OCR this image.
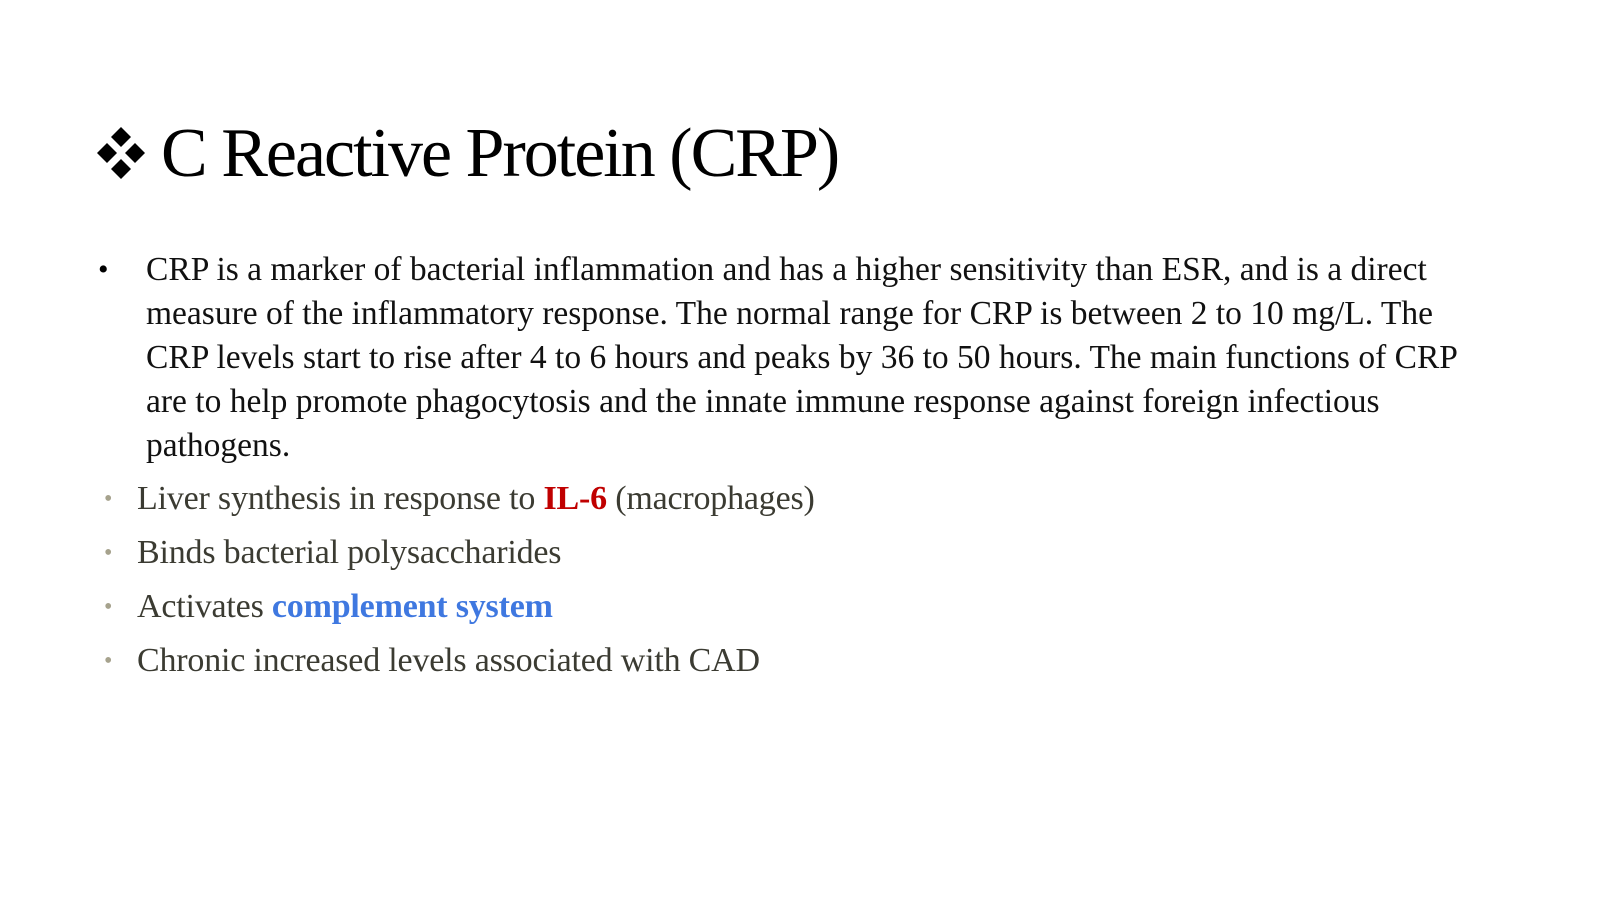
C Reactive Protein (CRP)
•	CRP is a marker of bacterial inflammation and has a higher sensitivity than ESR, and is a direct measure of the inflammatory response. The normal range for CRP is between 2 to 10 mg/L. The CRP levels start to rise after 4 to 6 hours and peaks by 36 to 50 hours. The main functions of CRP are to help promote phagocytosis and the innate immune response against foreign infectious pathogens.
• Liver synthesis in response to IL-6 (macrophages)
• Binds bacterial polysaccharides
• Activates complement system
• Chronic increased levels associated with CAD
